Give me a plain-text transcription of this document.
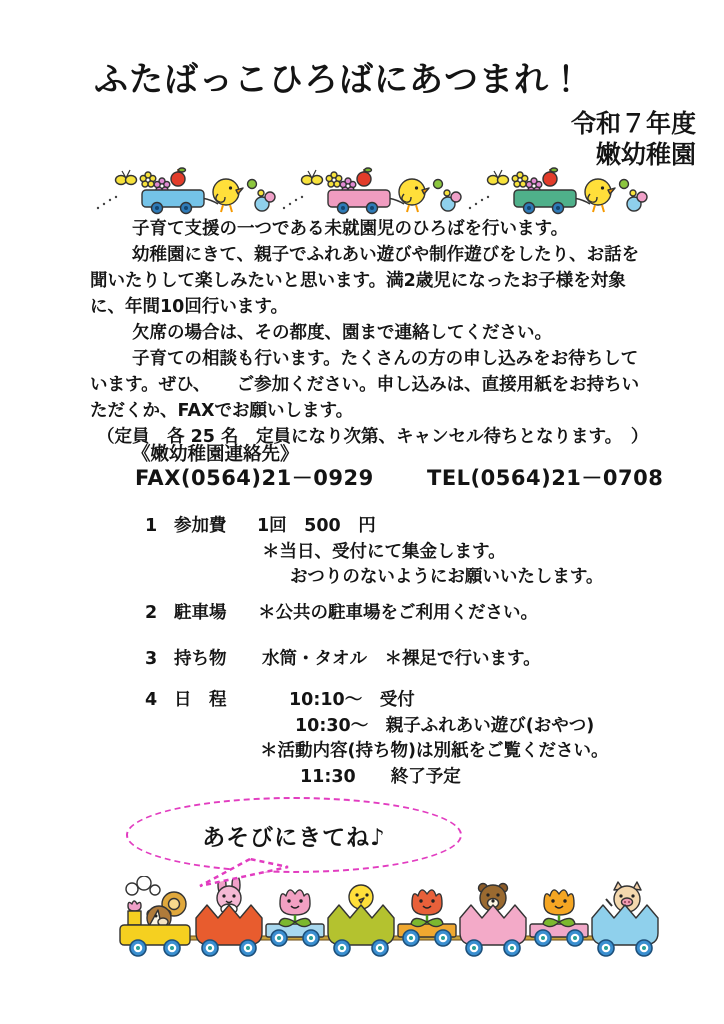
ふたばっこひろばにあつまれ！
令和７年度
嫩幼稚園

子育て支援の一つである未就園児のひろばを行います。

幼稚園にきて、親子でふれあい遊びや制作遊びをしたり、お話を聞いたりして楽しみたいと思います。満2歳児になったお子様を対象に、年間10回行います。

欠席の場合は、その都度、園まで連絡してください。

子育ての相談も行います。たくさんの方の申し込みをお待ちしています。ぜひ、　　ご参加ください。申し込みは、直接用紙をお持ちいただくか、FAXでお願いします。

（定員　各 25 名　定員になり次第、キャンセル待ちとなります。　）

《嫩幼稚園連絡先》
FAX(0564)21－0929	TEL(0564)21－0708
1 参加費 1回　500　円
＊当日、受付にて集金します。
おつりのないようにお願いいたします。
2 駐車場 ＊公共の駐車場をご利用ください。
3 持ち物 水筒・タオル　＊裸足で行います。
4 日　程	10:10～　受付
10:30～　親子ふれあい遊び(おやつ)
＊活動内容(持ち物)は別紙をご覧ください。
11:30　　終了予定
あそびにきてね♪
